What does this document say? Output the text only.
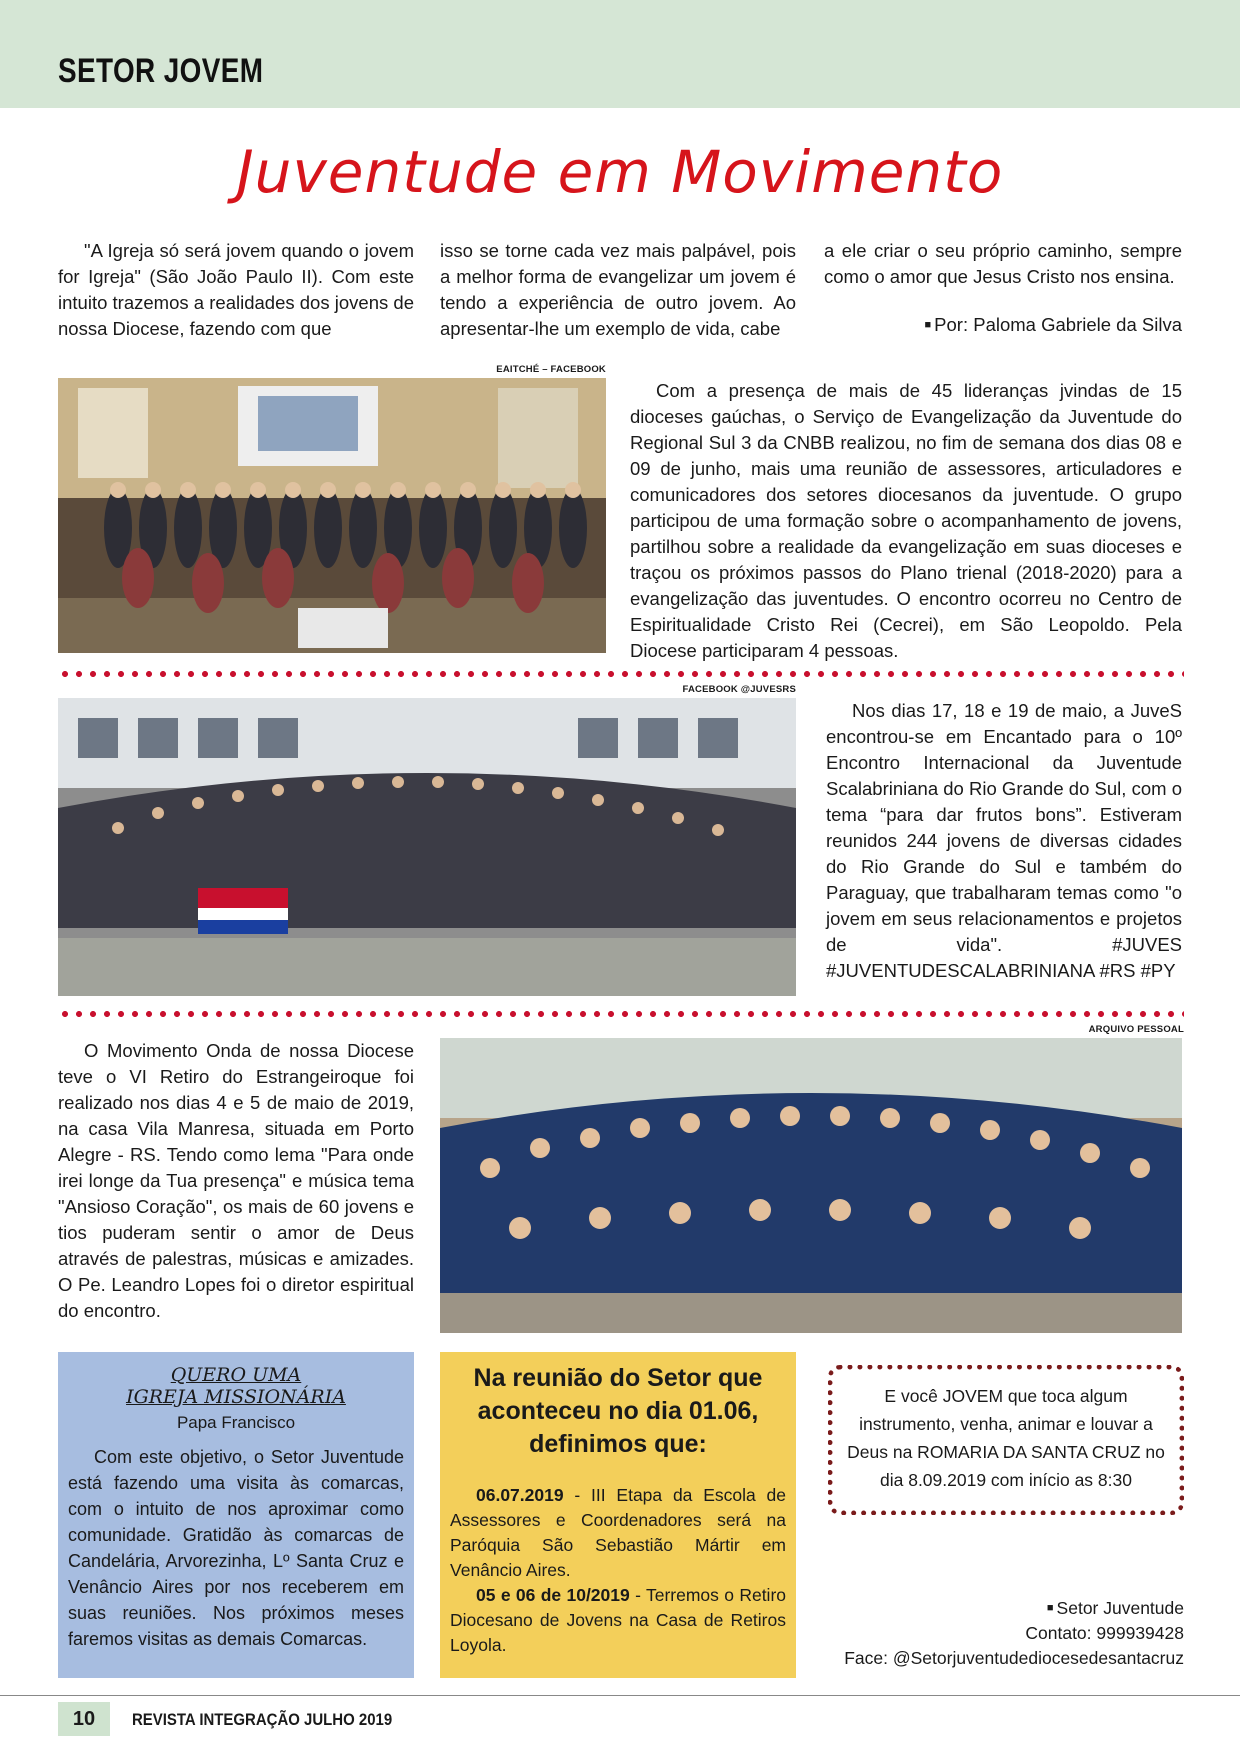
SETOR JOVEM
Juventude em Movimento
"A Igreja só será jovem quando o jovem for Igreja" (São João Paulo II). Com este intuito trazemos a realidades dos jovens de nossa Diocese, fazendo com que
isso se torne cada vez mais palpável, pois a melhor forma de evangelizar um jovem é tendo a experiência de outro jovem. Ao apresentar-lhe um exemplo de vida, cabe
a ele criar o seu próprio caminho, sempre como o amor que Jesus Cristo nos ensina.
■ Por: Paloma Gabriele da Silva
EAITCHÉ – FACEBOOK
Com a presença de mais de 45 lideranças jvindas de 15 dioceses gaúchas, o Serviço de Evangelização da Juventude do Regional Sul 3 da CNBB realizou, no fim de semana dos dias 08 e 09 de junho, mais uma reunião de assessores, articuladores e comunicadores dos setores diocesanos da juventude. O grupo participou de uma formação sobre o acompanhamento de jovens, partilhou sobre a realidade da evangelização em suas dioceses e traçou os próximos passos do Plano trienal (2018-2020) para a evangelização das juventudes. O encontro ocorreu no Centro de Espiritualidade Cristo Rei (Cecrei), em São Leopoldo. Pela Diocese participaram 4 pessoas.
FACEBOOK @JUVESRS
Nos dias 17, 18 e 19 de maio, a JuveS encontrou-se em Encantado para o 10º Encontro Internacional da Juventude Scalabriniana do Rio Grande do Sul, com o tema “para dar frutos bons”. Estiveram reunidos 244 jovens de diversas cidades do Rio Grande do Sul e também do Paraguay, que trabalharam temas como "o jovem em seus relacionamentos e projetos de vida". #JUVES #JUVENTUDESCALABRINIANA #RS #PY
O Movimento Onda de nossa Diocese teve o VI Retiro do Estrangeiroque foi realizado nos dias 4 e 5 de maio de 2019, na casa Vila Manresa, situada em Porto Alegre - RS. Tendo como lema "Para onde irei longe da Tua presença" e música tema "Ansioso Coração", os mais de 60 jovens e tios puderam sentir o amor de Deus através de palestras, músicas e amizades. O Pe. Leandro Lopes foi o diretor espiritual do encontro.
ARQUIVO PESSOAL
QUERO UMA
IGREJA MISSIONÁRIA
Papa Francisco
Com este objetivo, o Setor Juventude está fazendo uma visita às comarcas, com o intuito de nos aproximar como comunidade. Gratidão às comarcas de Candelária, Arvorezinha, Lº Santa Cruz e Venâncio Aires por nos receberem em suas reuniões. Nos próximos meses faremos visitas as demais Comarcas.
Na reunião do Setor que aconteceu no dia 01.06, definimos que:
06.07.2019 - III Etapa da Escola de Assessores e Coordenadores será na Paróquia São Sebastião Mártir em Venâncio Aires.
05 e 06 de 10/2019 - Terremos o Retiro Diocesano de Jovens na Casa de Retiros Loyola.
E você JOVEM que toca algum instrumento, venha, animar e louvar a Deus na ROMARIA DA SANTA CRUZ no dia 8.09.2019 com início as 8:30
■ Setor Juventude
Contato: 999939428
Face: @Setorjuventudediocesedesantacruz
10	REVISTA INTEGRAÇÃO JULHO 2019
